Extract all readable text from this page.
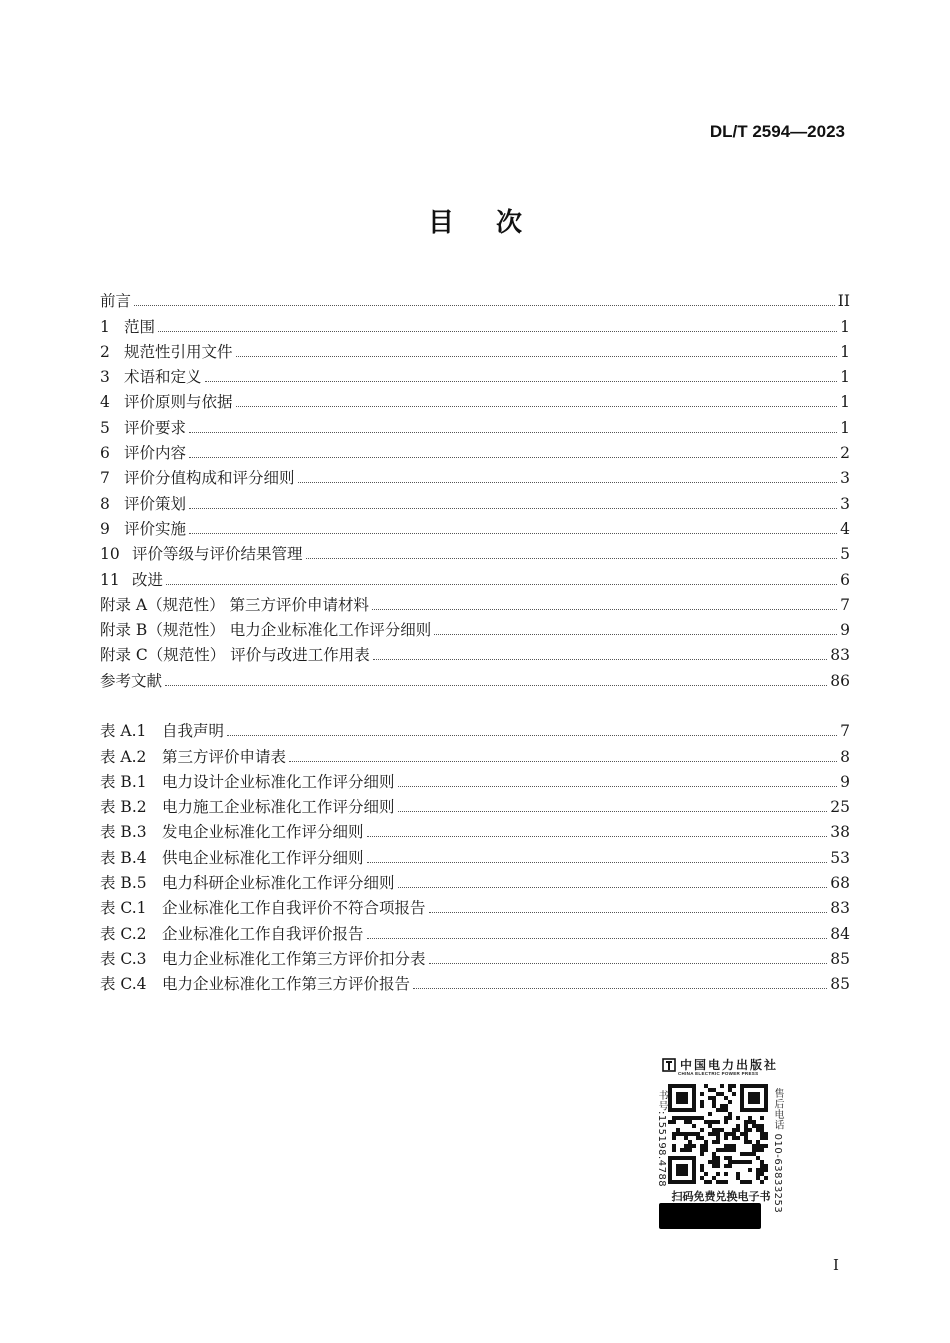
DL/T 2594—2023
目次
前言	II
1 范围	1
2 规范性引用文件	1
3 术语和定义	1
4 评价原则与依据	1
5 评价要求	1
6 评价内容	2
7 评价分值构成和评分细则	3
8 评价策划	3
9 评价实施	4
10 评价等级与评价结果管理	5
11 改进	6
附录 A（规范性） 第三方评价申请材料	7
附录 B（规范性） 电力企业标准化工作评分细则	9
附录 C（规范性） 评价与改进工作用表	83
参考文献	86
表 A.1	自我声明	7
表 A.2	第三方评价申请表	8
表 B.1 电力设计企业标准化工作评分细则	9
表 B.2 电力施工企业标准化工作评分细则	25
表 B.3 发电企业标准化工作评分细则	38
表 B.4 供电企业标准化工作评分细则	53
表 B.5 电力科研企业标准化工作评分细则	68
表 C.1 企业标准化工作自我评价不符合项报告	83
表 C.2 企业标准化工作自我评价报告	84
表 C.3 电力企业标准化工作第三方评价扣分表	85
表 C.4 电力企业标准化工作第三方评价报告	85
中国电力出版社
CHINA ELECTRIC POWER PRESS
书号:155198.4788	售后电话 010-63833253
扫码免费兑换电子书
I
